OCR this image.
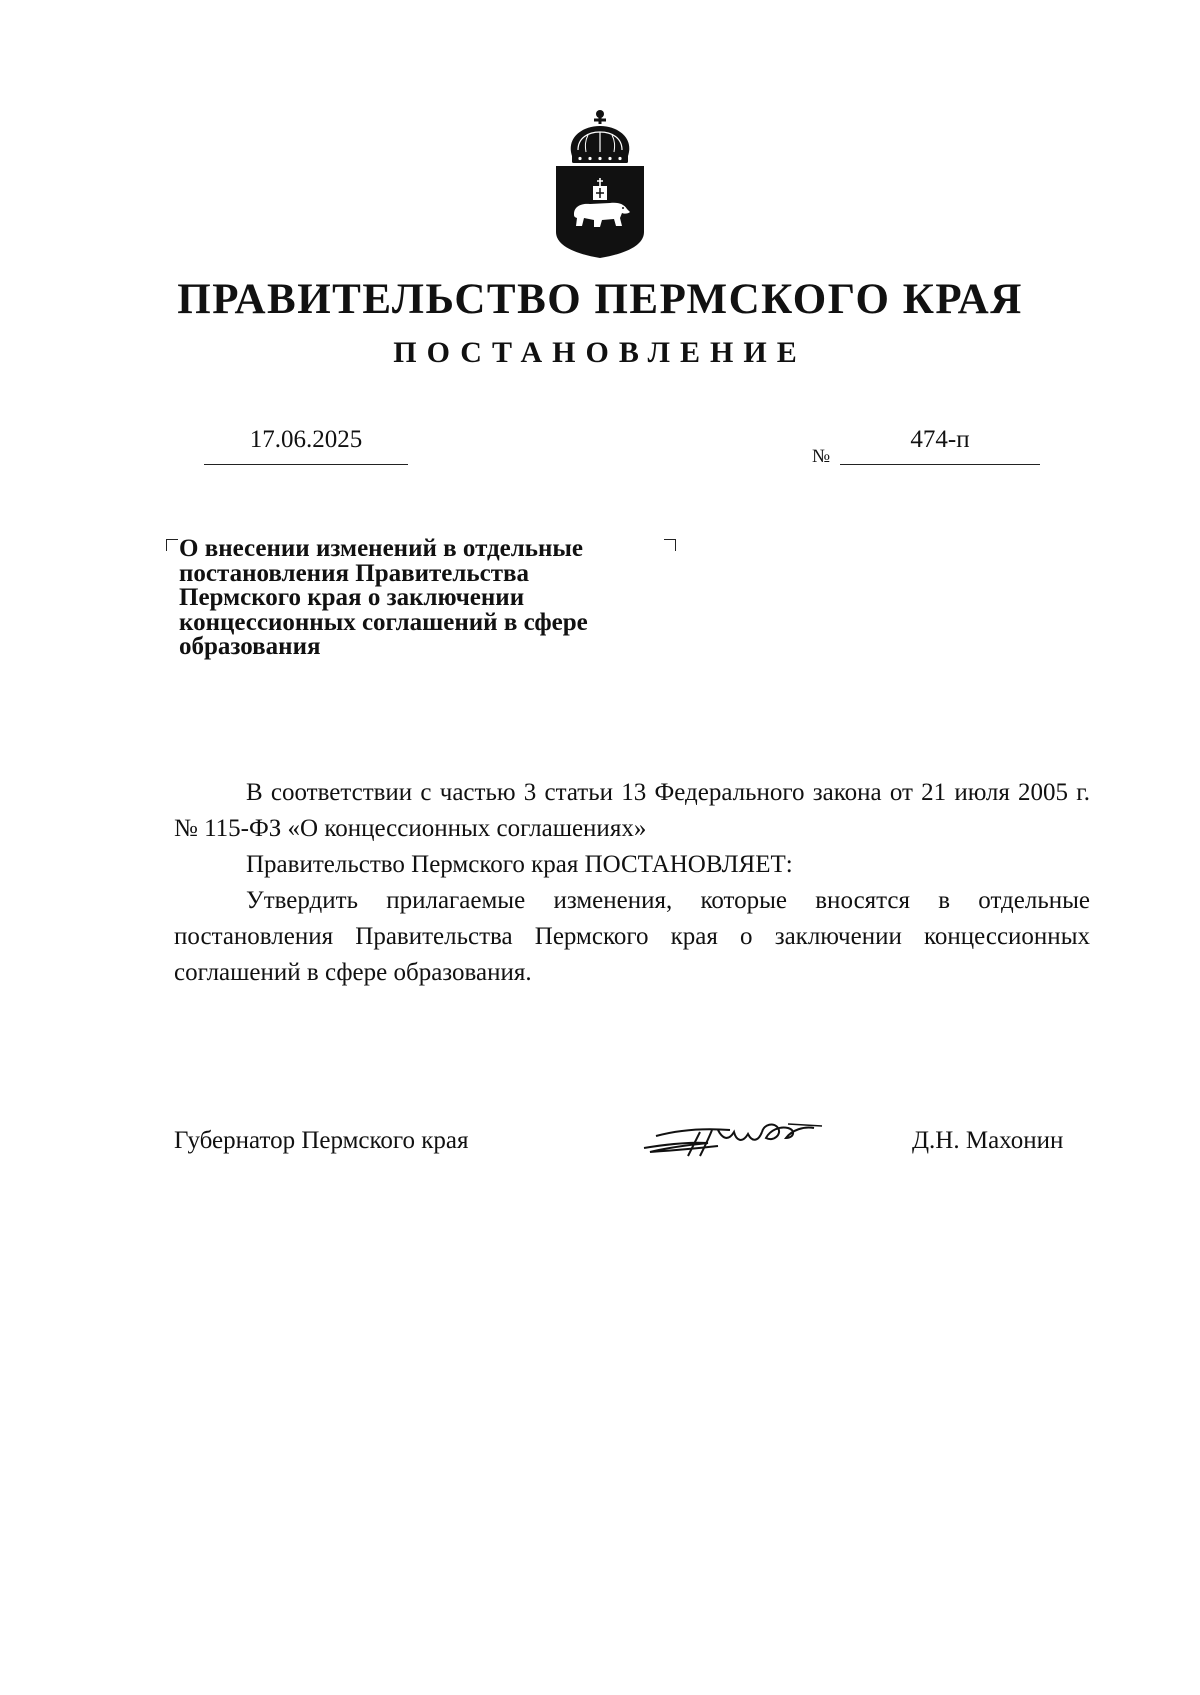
ПРАВИТЕЛЬСТВО ПЕРМСКОГО КРАЯ
ПОСТАНОВЛЕНИЕ
17.06.2025
№
474-п
О внесении изменений в отдельные
постановления Правительства
Пермского края о заключении
концессионных соглашений в сфере
образования

В соответствии с частью 3 статьи 13 Федерального закона от 21 июля 2005 г. № 115-ФЗ «О концессионных соглашениях»

Правительство Пермского края ПОСТАНОВЛЯЕТ:

Утвердить прилагаемые изменения, которые вносятся в отдельные постановления Правительства Пермского края о заключении концессионных соглашений в сфере образования.

Губернатор Пермского края	Д.Н. Махонин
